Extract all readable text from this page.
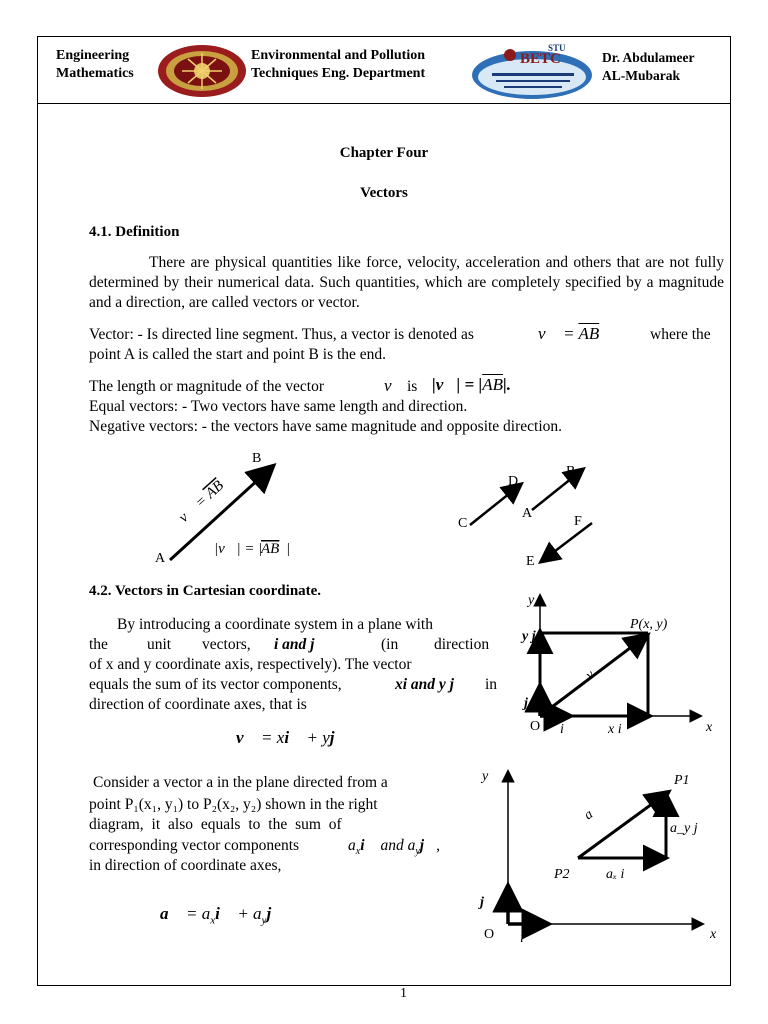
Engineering
Mathematics
Environmental and Pollution
Techniques Eng. Department
STU
BETC	Dr. Abdulameer
AL-Mubarak
Chapter Four
Vectors
4.1. Definition
There are physical quantities like force, velocity, acceleration and others that are not fully determined by their numerical data. Such quantities, which are completely specified by a magnitude and a direction, are called vectors or vector.
Vector: - Is directed line segment. Thus, a vector is denoted as	v⃗ = $\overline{AB}$	where the
point A is called the start and point B is the end.
The length or magnitude of the vector	v⃗ is |v⃗| = $|\overline{AB}|$.
Equal vectors: - Two vectors have same length and direction.
Negative vectors: - the vectors have same magnitude and opposite direction.
B
A
v⃗ =
AB
|v⃗| = |
AB |
C
D
A
B
E
F
4.2. Vectors in Cartesian coordinate.
By introducing a coordinate system in a plane with
the	unit vectors, i and j	(in direction
of x and y coordinate axis, respectively). The vector
equals the sum of its vector components,	xi and y j in
direction of coordinate axes, that is
v⃗ = xi⃗ + yj⃗
y
y j⃗
P(x, y)
j⃗
O i⃗ x i⃗	x
v⃗
Consider a vector a in the plane directed from a
point P₁(x₁, y₁) to P₂(x₂, y₂) shown in the right
diagram, it also equals to the sum of
corresponding vector components	$a_xi⃗$ and $a_yj⃗$,
in direction of coordinate axes,
a⃗ = $a_xi⃗$ + $a_yj⃗$
y	P1
a⃗
a_y j⃗
P2	aₓ i⃗
j⃗
O i⃗	x
1
